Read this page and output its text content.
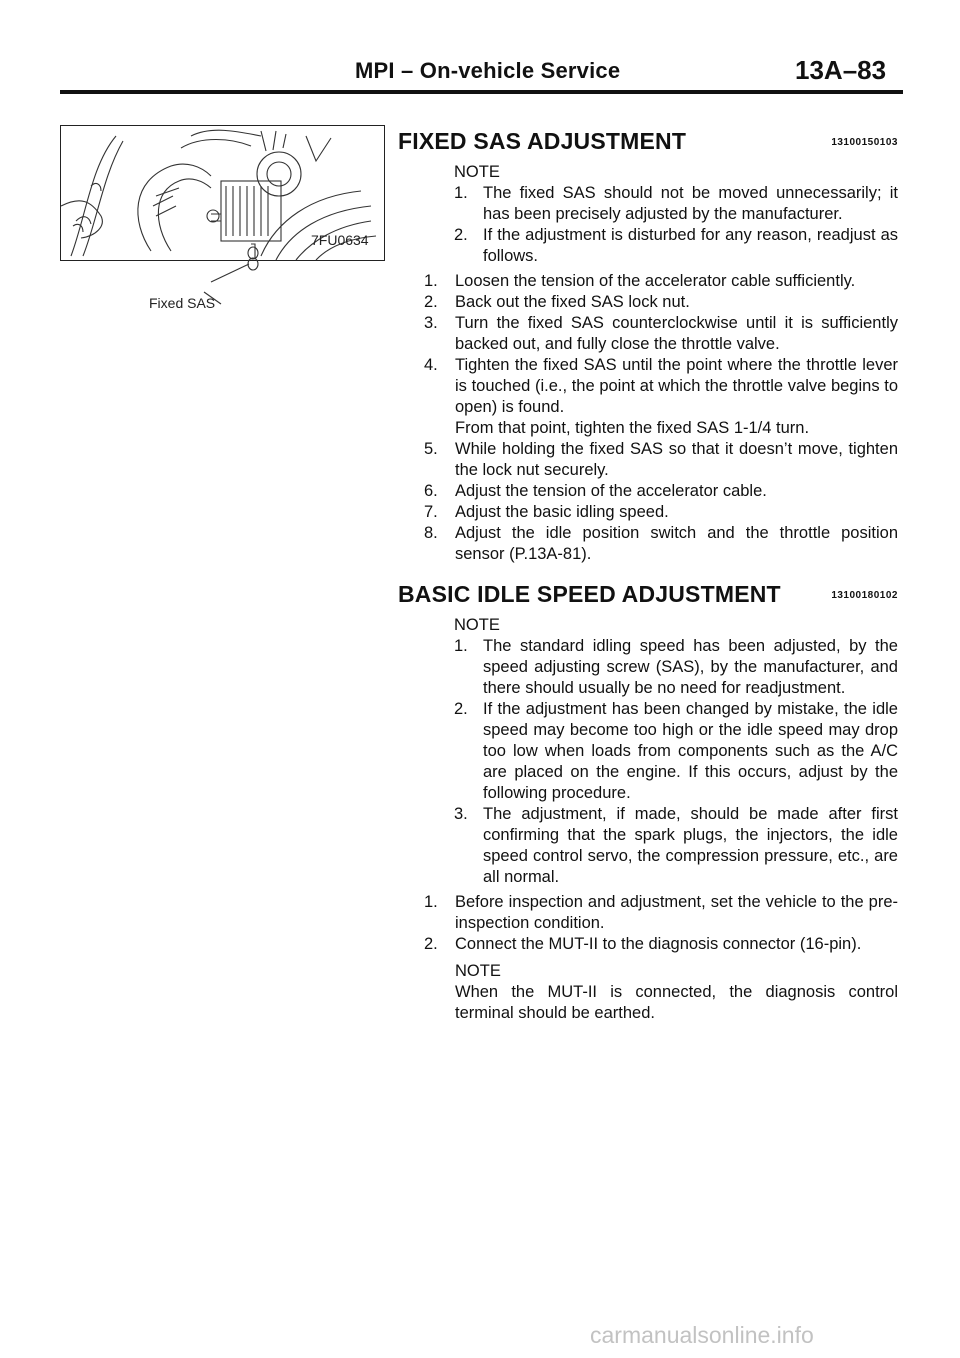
MPI – On-vehicle Service	13A–83
Fixed SAS
7FU0634
FIXED SAS ADJUSTMENT	13100150103
NOTE
1. The fixed SAS should not be moved unnecessarily; it has been precisely adjusted by the manufacturer.
2. If the adjustment is disturbed for any reason, readjust as follows.
1. Loosen the tension of the accelerator cable sufficiently.
2. Back out the fixed SAS lock nut.
3. Turn the fixed SAS counterclockwise until it is sufficiently backed out, and fully close the throttle valve.
4. Tighten the fixed SAS until the point where the throttle lever is touched (i.e., the point at which the throttle valve begins to open) is found.
From that point, tighten the fixed SAS 1-1/4 turn.
5. While holding the fixed SAS so that it doesn’t move, tighten the lock nut securely.
6. Adjust the tension of the accelerator cable.
7. Adjust the basic idling speed.
8. Adjust the idle position switch and the throttle position sensor (P.13A-81).
BASIC IDLE SPEED ADJUSTMENT	13100180102
NOTE
1. The standard idling speed has been adjusted, by the speed adjusting screw (SAS), by the manufacturer, and there should usually be no need for readjustment.
2. If the adjustment has been changed by mistake, the idle speed may become too high or the idle speed may drop too low when loads from components such as the A/C are placed on the engine. If this occurs, adjust by the following procedure.
3. The adjustment, if made, should be made after first confirming that the spark plugs, the injectors, the idle speed control servo, the compression pressure, etc., are all normal.
1. Before inspection and adjustment, set the vehicle to the pre-inspection condition.
2. Connect the MUT-II to the diagnosis connector (16-pin).
NOTE
When the MUT-II is connected, the diagnosis control terminal should be earthed.
carmanualsonline.info
